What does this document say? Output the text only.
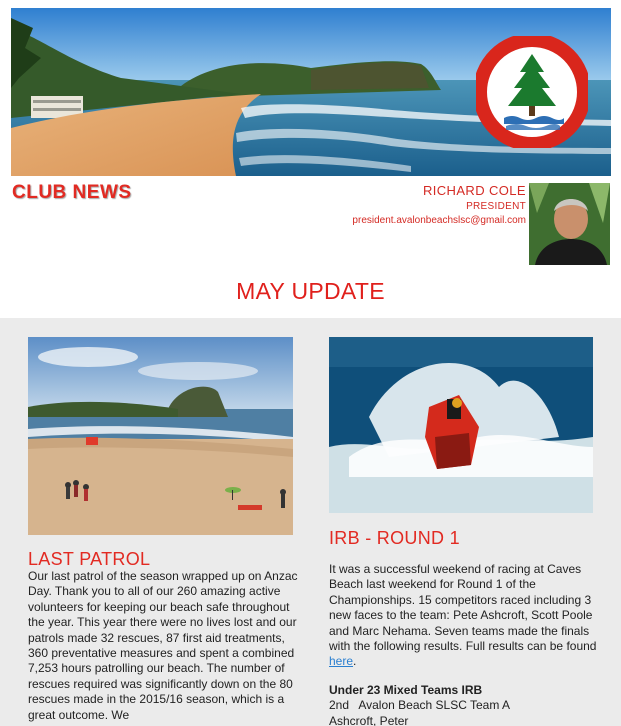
CLUB NEWS	RICHARD COLE
PRESIDENT
president.avalonbeachslsc@gmail.com
MAY UPDATE
LAST PATROL
Our last patrol of the season wrapped up on Anzac Day. Thank you to all of our 260 amazing active volunteers for keeping our beach safe throughout the year. This year there were no lives lost and our patrols made 32 rescues, 87 first aid treatments, 360 preventative measures and spent a combined 7,253 hours patrolling our beach. The number of rescues required was significantly down on the 80 rescues made in the 2015/16 season, which is a great outcome. We
IRB - ROUND 1
It was a successful weekend of racing at Caves Beach last weekend for Round 1 of the Championships. 15 competitors raced including 3 new faces to the team: Pete Ashcroft, Scott Poole and Marc Nehama. Seven teams made the finals with the following results. Full results can be found here.
Under 23 Mixed Teams IRB
2nd Avalon Beach SLSC Team A
Ashcroft, Peter
